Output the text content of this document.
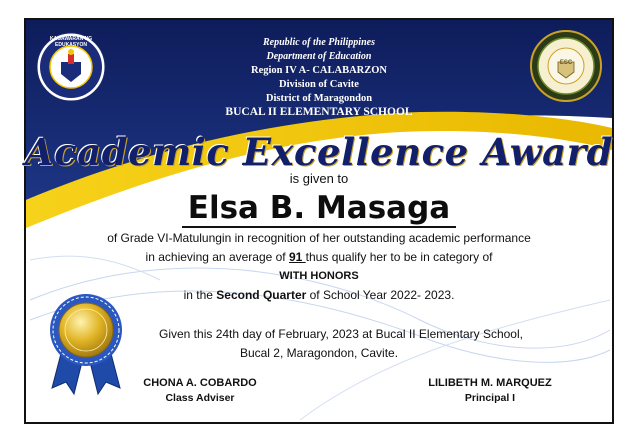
KAGAWARAN NG EDUKASYON
ESC
Republic of the Philippines
Department of Education
Region IV A- CALABARZON
Division of Cavite
District of Maragondon
BUCAL II ELEMENTARY SCHOOL
Academic Excellence Award
is given to
Elsa B. Masaga
of Grade VI-Matulungin in recognition of her outstanding academic performance
in achieving an average of 91 thus qualify her to be in category of
WITH HONORS
in the Second Quarter of School Year 2022- 2023.
Given this 24th day of February, 2023 at Bucal II Elementary School,
Bucal 2, Maragondon, Cavite.
CHONA A. COBARDO
Class Adviser
LILIBETH M. MARQUEZ
Principal I
